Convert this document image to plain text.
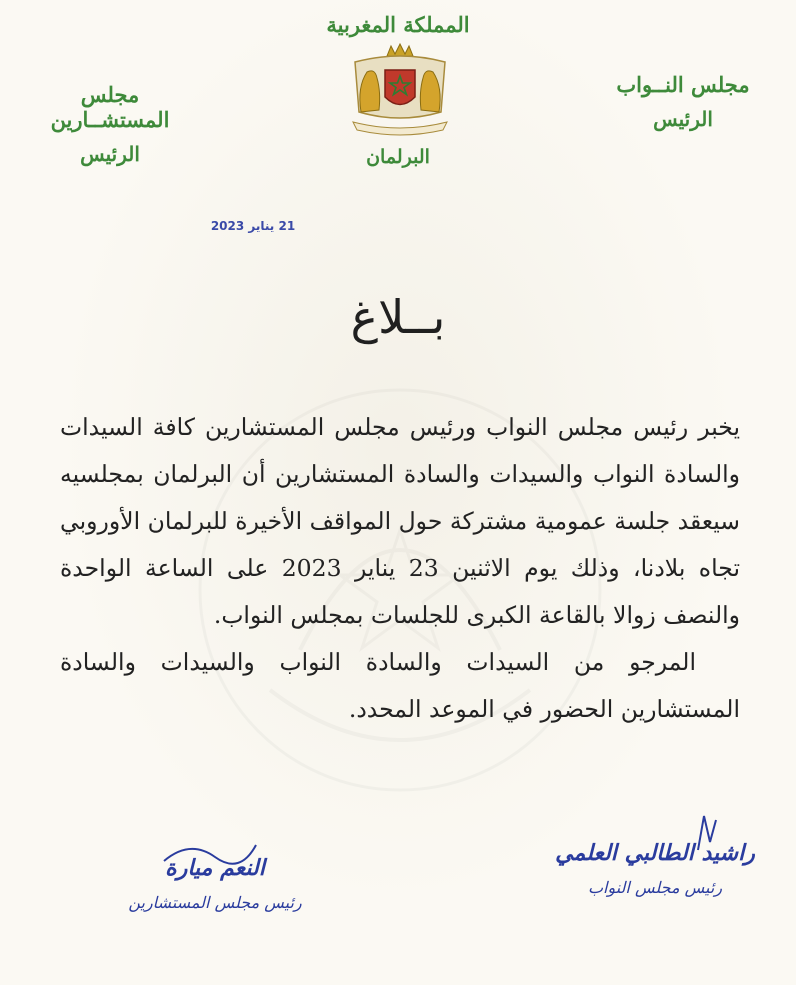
المملكة المغربية
البرلمان
مجلس النــواب
الرئيس
مجلس المستشــارين
الرئيس
21 يناير 2023
بــلاغ

يخبر رئيس مجلس النواب ورئيس مجلس المستشارين كافة السيدات والسادة النواب والسيدات والسادة المستشارين أن البرلمان بمجلسيه سيعقد جلسة عمومية مشتركة حول المواقف الأخيرة للبرلمان الأوروبي تجاه بلادنا، وذلك يوم الاثنين 23 يناير 2023 على الساعة الواحدة والنصف زوالا بالقاعة الكبرى للجلسات بمجلس النواب.

المرجو من السيدات والسادة النواب والسيدات والسادة المستشارين الحضور في الموعد المحدد.

راشيد الطالبي العلمي
رئيس مجلس النواب
النعم ميارة
رئيس مجلس المستشارين
